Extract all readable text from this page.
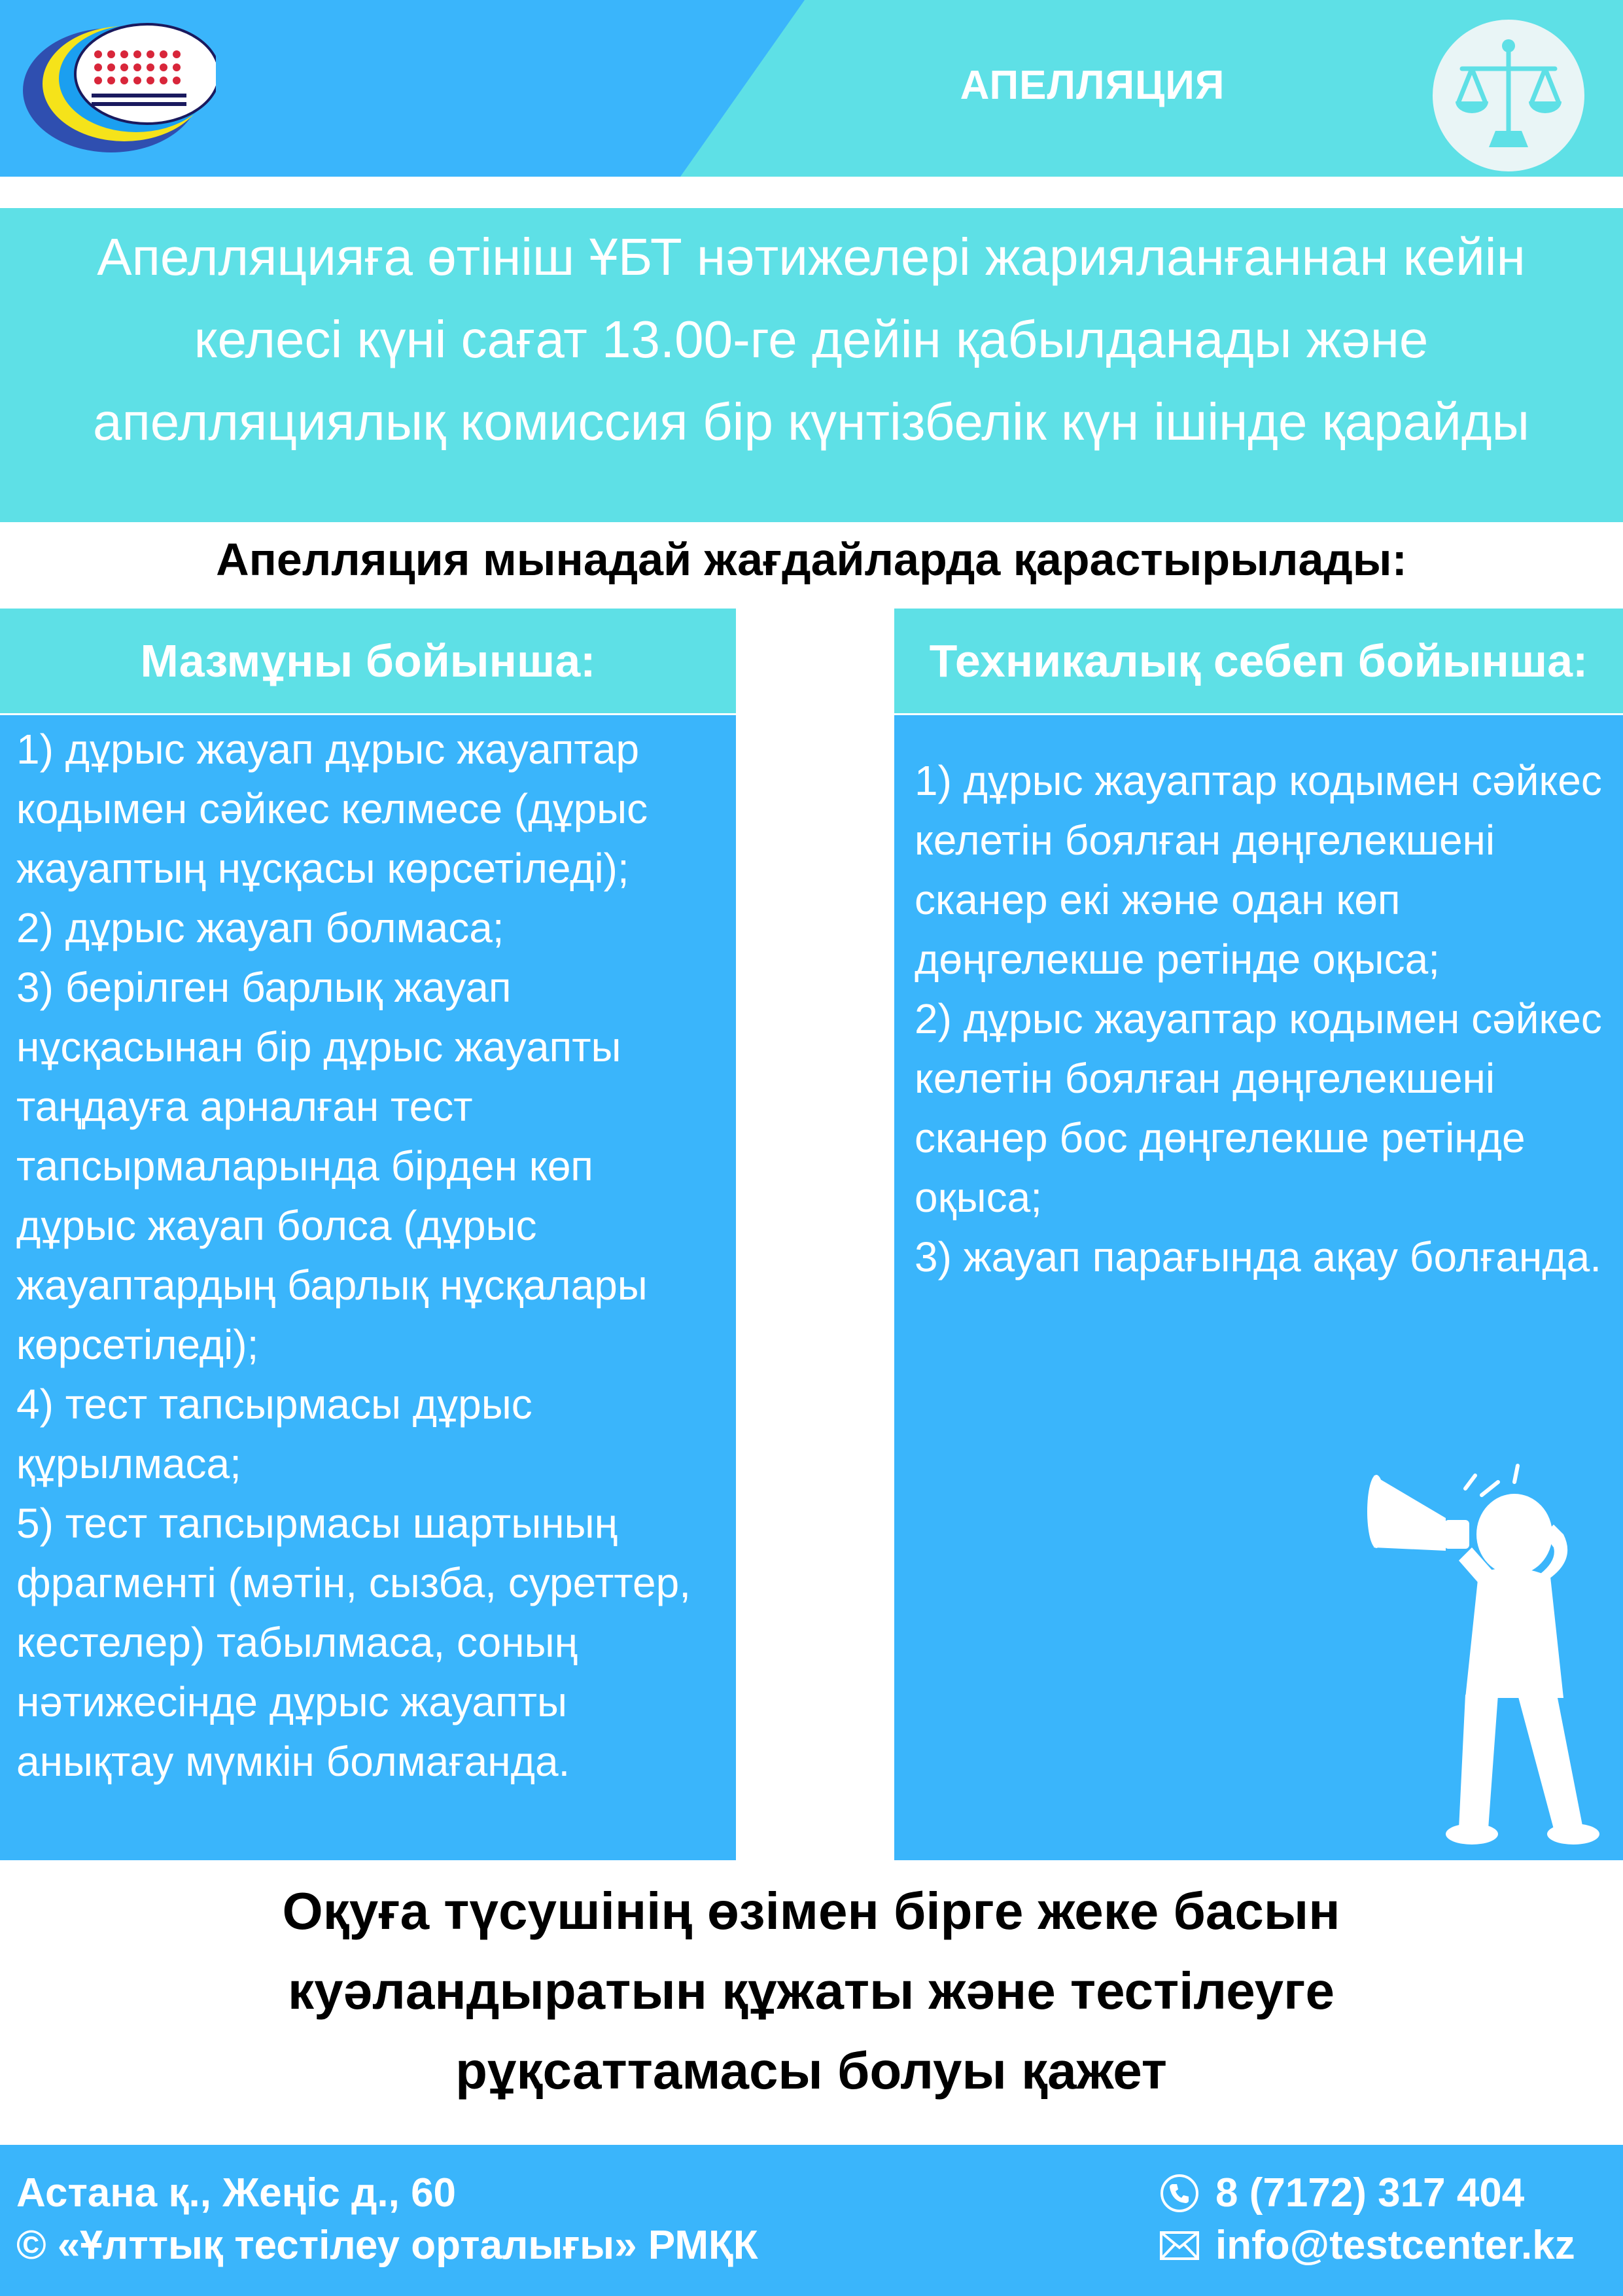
АПЕЛЛЯЦИЯ
Апелляцияға өтініш ҰБТ нәтижелері жарияланғаннан кейін келесі күні сағат 13.00-ге дейін қабылданады және апелляциялық комиссия бір күнтізбелік күн ішінде қарайды
Апелляция мынадай жағдайларда қарастырылады:
Мазмұны бойынша:
1) дұрыс жауап дұрыс жауаптар кодымен сәйкес келмесе (дұрыс жауаптың нұсқасы көрсетіледі);
2) дұрыс жауап болмаса;
3) берілген барлық жауап нұсқасынан бір дұрыс жауапты таңдауға арналған тест тапсырмаларында бірден көп дұрыс жауап болса (дұрыс жауаптардың барлық нұсқалары көрсетіледі);
4) тест тапсырмасы дұрыс құрылмаса;
5) тест тапсырмасы шартының фрагменті (мәтін, сызба, суреттер, кестелер) табылмаса, соның нәтижесінде дұрыс жауапты анықтау мүмкін болмағанда.
Техникалық себеп бойынша:
1) дұрыс жауаптар кодымен сәйкес келетін боялған дөңгелекшені сканер екі және одан көп дөңгелекше ретінде оқыса;
2) дұрыс жауаптар кодымен сәйкес келетін боялған дөңгелекшені сканер бос дөңгелекше ретінде оқыса;
3) жауап парағында ақау болғанда.
Оқуға түсушінің өзімен бірге жеке басын
куәландыратын құжаты және тестілеуге
рұқсаттамасы болуы қажет
Астана қ., Жеңіс д., 60
© «Ұлттық тестілеу орталығы» РМҚК
8 (7172) 317 404
info@testcenter.kz
